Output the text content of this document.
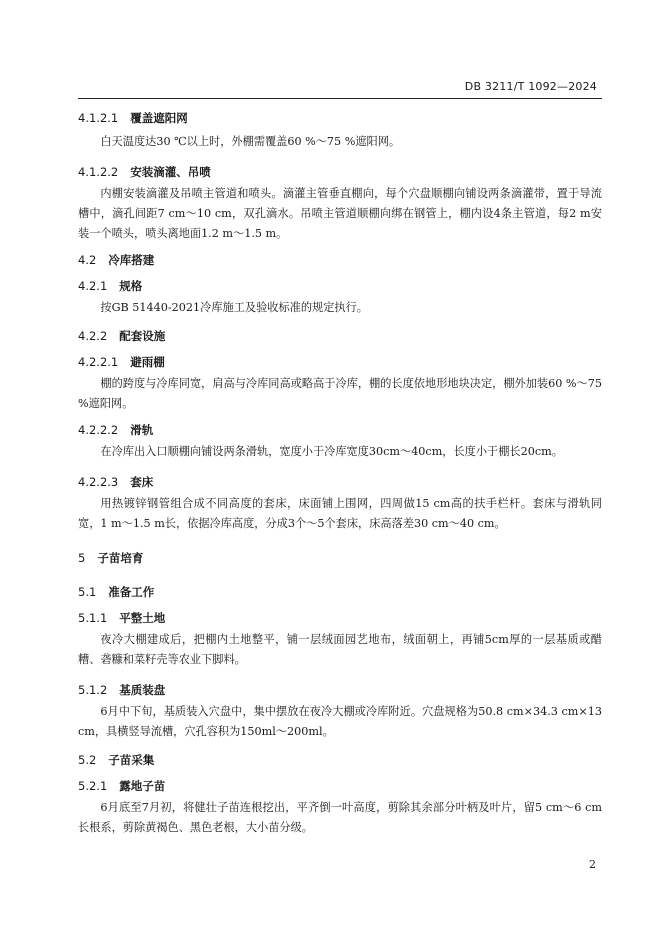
DB 3211/T 1092—2024
4.1.2.1 覆盖遮阳网

白天温度达30 ℃以上时，外棚需覆盖60 %～75 %遮阳网。

4.1.2.2 安装滴灌、吊喷

内棚安装滴灌及吊喷主管道和喷头。滴灌主管垂直棚向，每个穴盘顺棚向铺设两条滴灌带，置于导流槽中，滴孔间距7 cm～10 cm，双孔滴水。吊喷主管道顺棚向绑在钢管上，棚内设4条主管道，每2 m安装一个喷头，喷头离地面1.2 m～1.5 m。

4.2 冷库搭建
4.2.1 规格

按GB 51440-2021冷库施工及验收标准的规定执行。

4.2.2 配套设施
4.2.2.1 避雨棚

棚的跨度与冷库同宽，肩高与冷库同高或略高于冷库，棚的长度依地形地块决定，棚外加装60 %～75 %遮阳网。

4.2.2.2 滑轨

在冷库出入口顺棚向铺设两条滑轨，宽度小于冷库宽度30cm～40cm，长度小于棚长20cm。

4.2.2.3 套床

用热镀锌钢管组合成不同高度的套床，床面铺上围网，四周做15 cm高的扶手栏杆。套床与滑轨同宽，1 m～1.5 m长，依据冷库高度，分成3个～5个套床，床高落差30 cm～40 cm。

5 子苗培育
5.1 准备工作
5.1.1 平整土地

夜冷大棚建成后，把棚内土地整平，铺一层绒面园艺地布，绒面朝上，再铺5cm厚的一层基质或醋糟、砻糠和菜籽壳等农业下脚料。

5.1.2 基质装盘

6月中下旬，基质装入穴盘中，集中摆放在夜冷大棚或冷库附近。穴盘规格为50.8 cm×34.3 cm×13 cm，具横竖导流槽，穴孔容积为150ml～200ml。

5.2 子苗采集
5.2.1 露地子苗

6月底至7月初，将健壮子苗连根挖出，平齐倒一叶高度，剪除其余部分叶柄及叶片，留5 cm～6 cm长根系，剪除黄褐色、黑色老根，大小苗分级。

2
